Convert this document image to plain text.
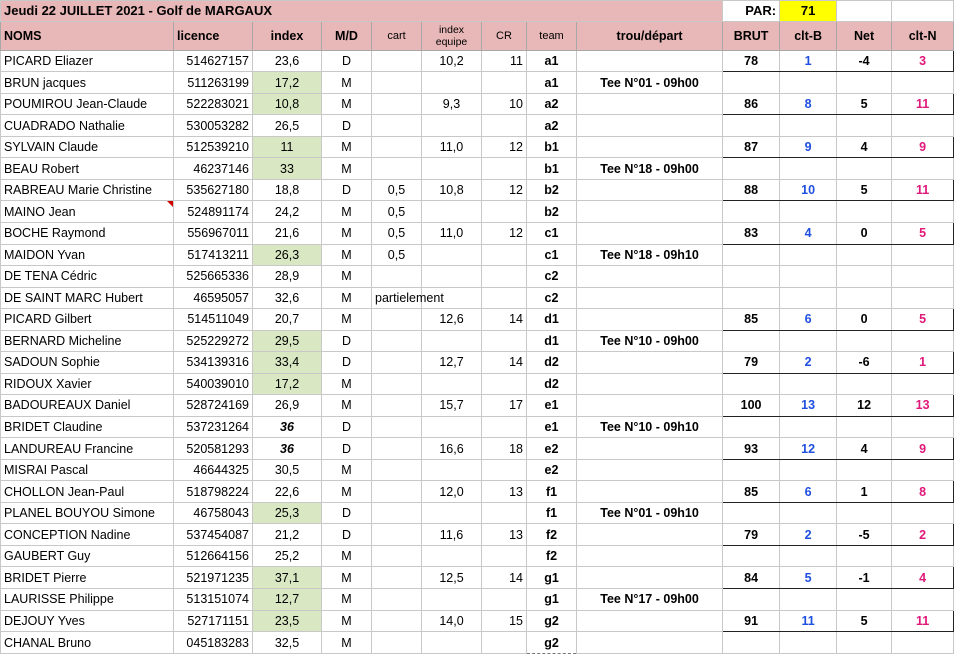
Jeudi 22 JUILLET 2021 - Golf de MARGAUX									PAR:	71		
NOMS	licence	index	M/D	cart	index
equipe	CR	team	trou/départ	BRUT	clt-B	Net	clt-N
PICARD Eliazer	514627157	23,6	D		10,2	11	a1		78	1	-4	3
BRUN jacques	511263199	17,2	M				a1	Tee N°01 - 09h00				
POUMIROU Jean-Claude	522283021	10,8	M		9,3	10	a2		86	8	5	11
CUADRADO Nathalie	530053282	26,5	D				a2					
SYLVAIN Claude	512539210	11	M		11,0	12	b1		87	9	4	9
BEAU Robert	46237146	33	M				b1	Tee N°18 - 09h00				
RABREAU Marie Christine	535627180	18,8	D	0,5	10,8	12	b2		88	10	5	11
MAINO Jean	524891174	24,2	M	0,5			b2					
BOCHE Raymond	556967011	21,6	M	0,5	11,0	12	c1		83	4	0	5
MAIDON Yvan	517413211	26,3	M	0,5			c1	Tee N°18 - 09h10				
DE TENA Cédric	525665336	28,9	M				c2					
DE SAINT MARC Hubert	46595057	32,6	M	partielement			c2					
PICARD Gilbert	514511049	20,7	M		12,6	14	d1		85	6	0	5
BERNARD Micheline	525229272	29,5	D				d1	Tee N°10 - 09h00				
SADOUN Sophie	534139316	33,4	D		12,7	14	d2		79	2	-6	1
RIDOUX Xavier	540039010	17,2	M				d2					
BADOUREAUX Daniel	528724169	26,9	M		15,7	17	e1		100	13	12	13
BRIDET Claudine	537231264	36	D				e1	Tee N°10 - 09h10				
LANDUREAU Francine	520581293	36	D		16,6	18	e2		93	12	4	9
MISRAI Pascal	46644325	30,5	M				e2					
CHOLLON Jean-Paul	518798224	22,6	M		12,0	13	f1		85	6	1	8
PLANEL BOUYOU Simone	46758043	25,3	D				f1	Tee N°01 - 09h10				
CONCEPTION Nadine	537454087	21,2	D		11,6	13	f2		79	2	-5	2
GAUBERT Guy	512664156	25,2	M				f2					
BRIDET Pierre	521971235	37,1	M		12,5	14	g1		84	5	-1	4
LAURISSE Philippe	513151074	12,7	M				g1	Tee N°17 - 09h00				
DEJOUY Yves	527171151	23,5	M		14,0	15	g2		91	11	5	11
CHANAL Bruno	045183283	32,5	M				g2					
